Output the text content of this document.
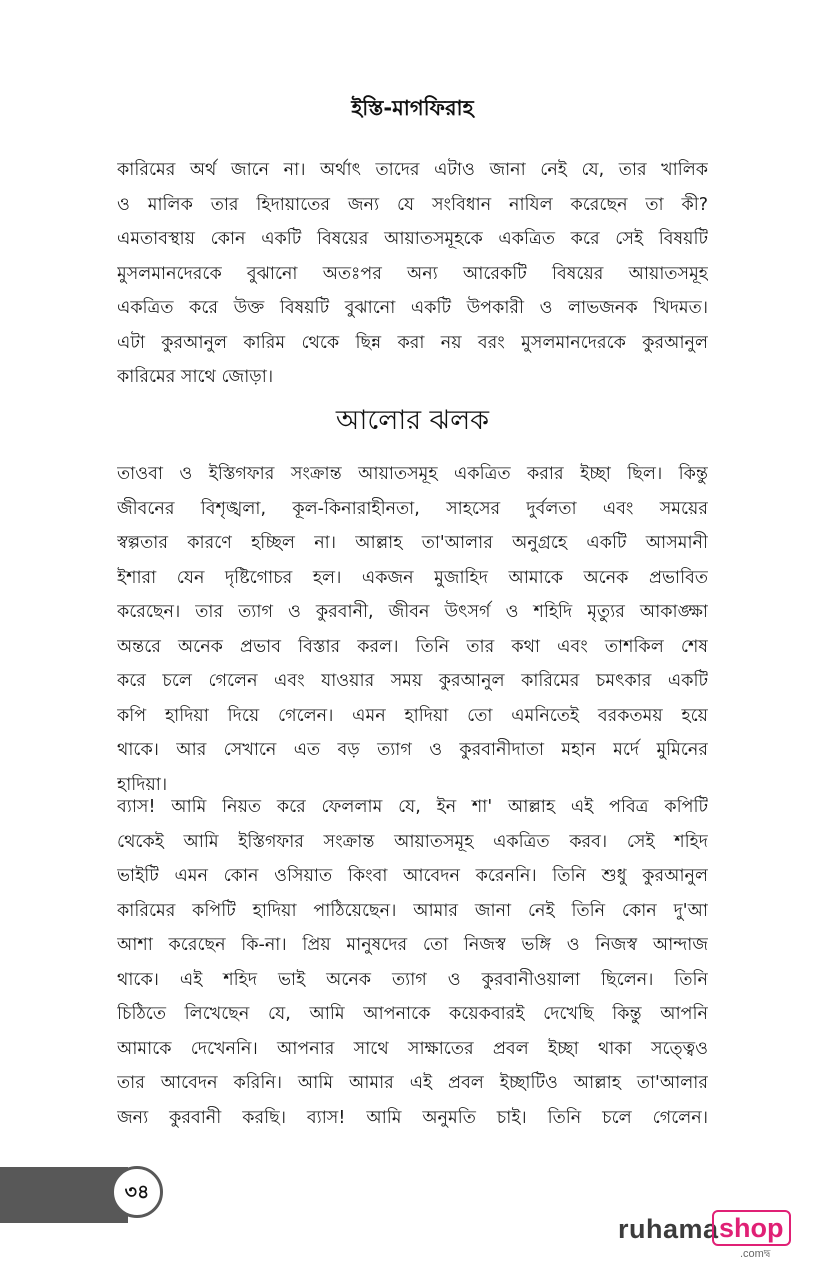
ইস্তি-মাগফিরাহ
কারিমের অর্থ জানে না। অর্থাৎ তাদের এটাও জানা নেই যে, তার খালিক
ও মালিক তার হিদায়াতের জন্য যে সংবিধান নাযিল করেছেন তা কী?
এমতাবস্থায় কোন একটি বিষয়ের আয়াতসমূহকে একত্রিত করে সেই বিষয়টি
মুসলমানদেরকে বুঝানো অতঃপর অন্য আরেকটি বিষয়ের আয়াতসমূহ
একত্রিত করে উক্ত বিষয়টি বুঝানো একটি উপকারী ও লাভজনক খিদমত।
এটা কুরআনুল কারিম থেকে ছিন্ন করা নয় বরং মুসলমানদেরকে কুরআনুল
কারিমের সাথে জোড়া।
আলোর ঝলক
তাওবা ও ইস্তিগফার সংক্রান্ত আয়াতসমূহ একত্রিত করার ইচ্ছা ছিল। কিন্তু
জীবনের বিশৃঙ্খলা, কূল-কিনারাহীনতা, সাহসের দুর্বলতা এবং সময়ের
স্বল্পতার কারণে হচ্ছিল না। আল্লাহ তা'আলার অনুগ্রহে একটি আসমানী
ইশারা যেন দৃষ্টিগোচর হল। একজন মুজাহিদ আমাকে অনেক প্রভাবিত
করেছেন। তার ত্যাগ ও কুরবানী, জীবন উৎসর্গ ও শহিদি মৃত্যুর আকাঙ্ক্ষা
অন্তরে অনেক প্রভাব বিস্তার করল। তিনি তার কথা এবং তাশকিল শেষ
করে চলে গেলেন এবং যাওয়ার সময় কুরআনুল কারিমের চমৎকার একটি
কপি হাদিয়া দিয়ে গেলেন। এমন হাদিয়া তো এমনিতেই বরকতময় হয়ে
থাকে। আর সেখানে এত বড় ত্যাগ ও কুরবানীদাতা মহান মর্দে মুমিনের
হাদিয়া।
ব্যাস! আমি নিয়ত করে ফেললাম যে, ইন শা' আল্লাহ এই পবিত্র কপিটি
থেকেই আমি ইস্তিগফার সংক্রান্ত আয়াতসমূহ একত্রিত করব। সেই শহিদ
ভাইটি এমন কোন ওসিয়াত কিংবা আবেদন করেননি। তিনি শুধু কুরআনুল
কারিমের কপিটি হাদিয়া পাঠিয়েছেন। আমার জানা নেই তিনি কোন দু'আ
আশা করেছেন কি-না। প্রিয় মানুষদের তো নিজস্ব ভঙ্গি ও নিজস্ব আন্দাজ
থাকে। এই শহিদ ভাই অনেক ত্যাগ ও কুরবানীওয়ালা ছিলেন। তিনি
চিঠিতে লিখেছেন যে, আমি আপনাকে কয়েকবারই দেখেছি কিন্তু আপনি
আমাকে দেখেননি। আপনার সাথে সাক্ষাতের প্রবল ইচ্ছা থাকা সত্ত্বেও
তার আবেদন করিনি। আমি আমার এই প্রবল ইচ্ছাটিও আল্লাহ তা'আলার
জন্য কুরবানী করছি। ব্যাস! আমি অনুমতি চাই। তিনি চলে গেলেন।
৩৪
ruhama shop
.comদ্ব
